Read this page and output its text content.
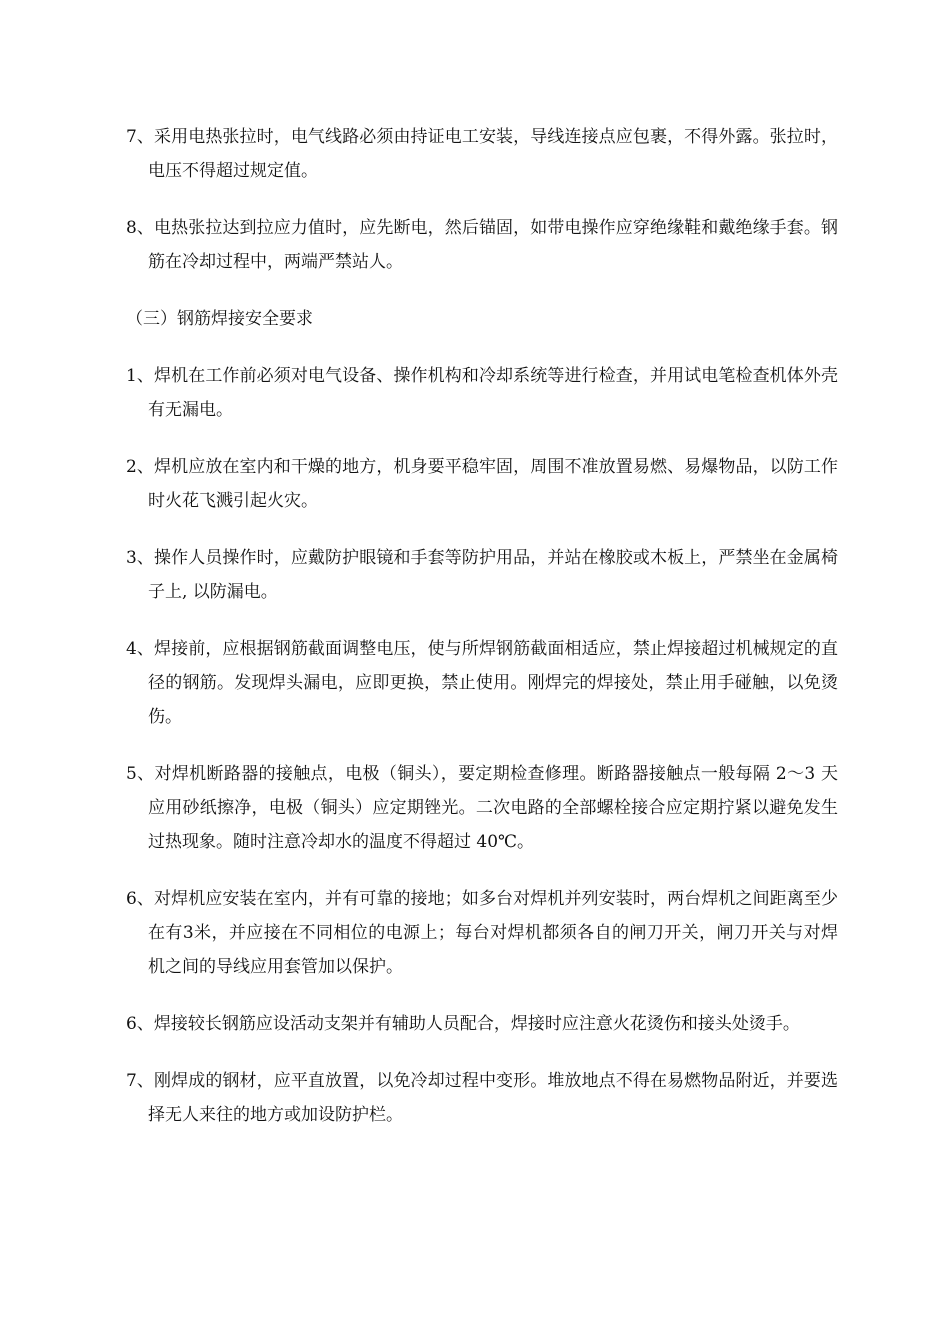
7、采用电热张拉时，电气线路必须由持证电工安装，导线连接点应包裹，不得外露。张拉时，电压不得超过规定值。

8、电热张拉达到拉应力值时，应先断电，然后锚固，如带电操作应穿绝缘鞋和戴绝缘手套。钢筋在冷却过程中，两端严禁站人。

（三）钢筋焊接安全要求

1、焊机在工作前必须对电气设备、操作机构和冷却系统等进行检查，并用试电笔检查机体外壳有无漏电。

2、焊机应放在室内和干燥的地方，机身要平稳牢固，周围不准放置易燃、易爆物品，以防工作时火花飞溅引起火灾。

3、操作人员操作时，应戴防护眼镜和手套等防护用品，并站在橡胶或木板上，严禁坐在金属椅子上, 以防漏电。

4、焊接前，应根据钢筋截面调整电压，使与所焊钢筋截面相适应，禁止焊接超过机械规定的直径的钢筋。发现焊头漏电，应即更换，禁止使用。刚焊完的焊接处，禁止用手碰触，以免烫伤。

5、对焊机断路器的接触点，电极（铜头），要定期检查修理。断路器接触点一般每隔 2～3 天应用砂纸擦净，电极（铜头）应定期锉光。二次电路的全部螺栓接合应定期拧紧以避免发生过热现象。随时注意冷却水的温度不得超过 40℃。

6、对焊机应安装在室内，并有可靠的接地；如多台对焊机并列安装时，两台焊机之间距离至少在有3米，并应接在不同相位的电源上；每台对焊机都须各自的闸刀开关，闸刀开关与对焊机之间的导线应用套管加以保护。

6、焊接较长钢筋应设活动支架并有辅助人员配合，焊接时应注意火花烫伤和接头处烫手。

7、刚焊成的钢材，应平直放置，以免冷却过程中变形。堆放地点不得在易燃物品附近，并要选择无人来往的地方或加设防护栏。
